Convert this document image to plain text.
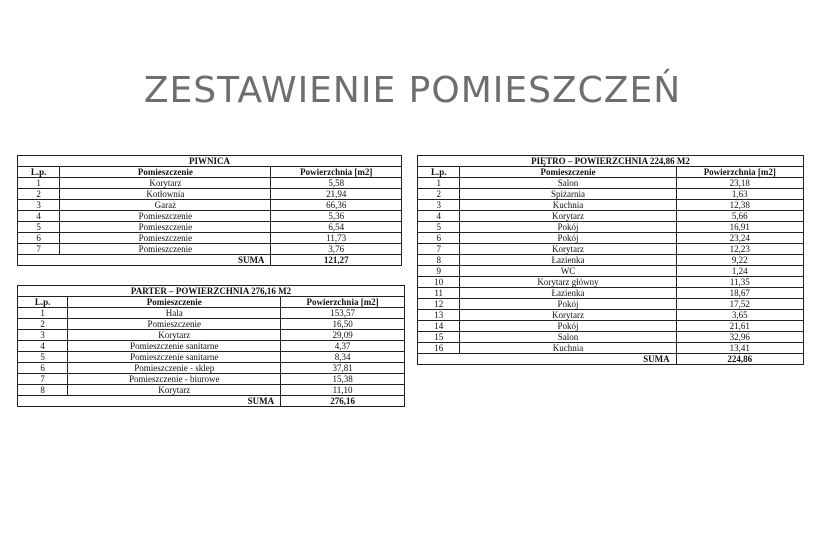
ZESTAWIENIE POMIESZCZEŃ
PIWNICA		
L.p.	Pomieszczenie	Powierzchnia [m2]
1	Korytarz	5,58
2	Kotłownia	21,94
3	Garaż	66,36
4	Pomieszczenie	5,36
5	Pomieszczenie	6,54
6	Pomieszczenie	11,73
7	Pomieszczenie	3,76
	SUMA	121,27
PARTER – POWIERZCHNIA 276,16 M2		
L.p.	Pomieszczenie	Powierzchnia [m2]
1	Hala	153,57
2	Pomieszczenie	16,50
3	Korytarz	29,09
4	Pomieszczenie sanitarne	4,37
5	Pomieszczenie sanitarne	8,34
6	Pomieszczenie - sklep	37,81
7	Pomieszczenie - biurowe	15,38
8	Korytarz	11,10
	SUMA	276,16
PIĘTRO – POWIERZCHNIA 224,86 M2		
L.p.	Pomieszczenie	Powierzchnia [m2]
1	Salon	23,18
2	Spiżarnia	1,63
3	Kuchnia	12,38
4	Korytarz	5,66
5	Pokój	16,91
6	Pokój	23,24
7	Korytarz	12,23
8	Łazienka	9,22
9	WC	1,24
10	Korytarz główny	11,35
11	Łazienka	18,67
12	Pokój	17,52
13	Korytarz	3,65
14	Pokój	21,61
15	Salon	32,96
16	Kuchnia	13,41
	SUMA	224,86
